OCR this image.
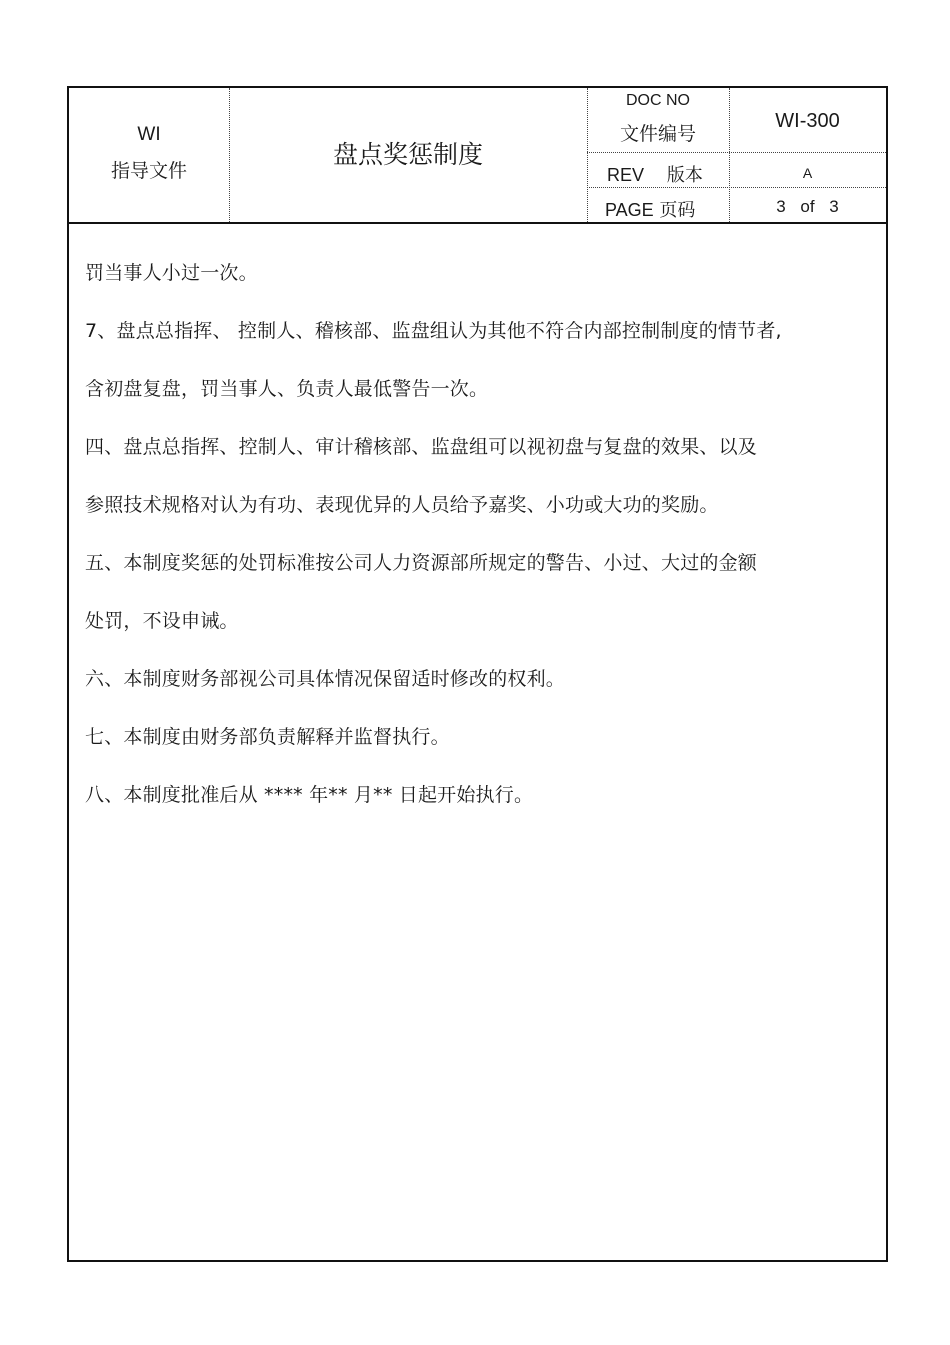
WI
指导文件
盘点奖惩制度
DOC NO
文件编号
WI-300
REV 版本	A
PAGE 页码	3 of 3
罚当事人小过一次。
7、盘点总指挥、 控制人、稽核部、监盘组认为其他不符合内部控制制度的情节者,
含初盘复盘，罚当事人、负责人最低警告一次。
四、盘点总指挥、控制人、审计稽核部、监盘组可以视初盘与复盘的效果、以及
参照技术规格对认为有功、表现优异的人员给予嘉奖、小功或大功的奖励。
五、本制度奖惩的处罚标准按公司人力资源部所规定的警告、小过、大过的金额
处罚，不设申诫。
六、本制度财务部视公司具体情况保留适时修改的权利。
七、本制度由财务部负责解释并监督执行。
八、本制度批准后从 **** 年** 月** 日起开始执行。
